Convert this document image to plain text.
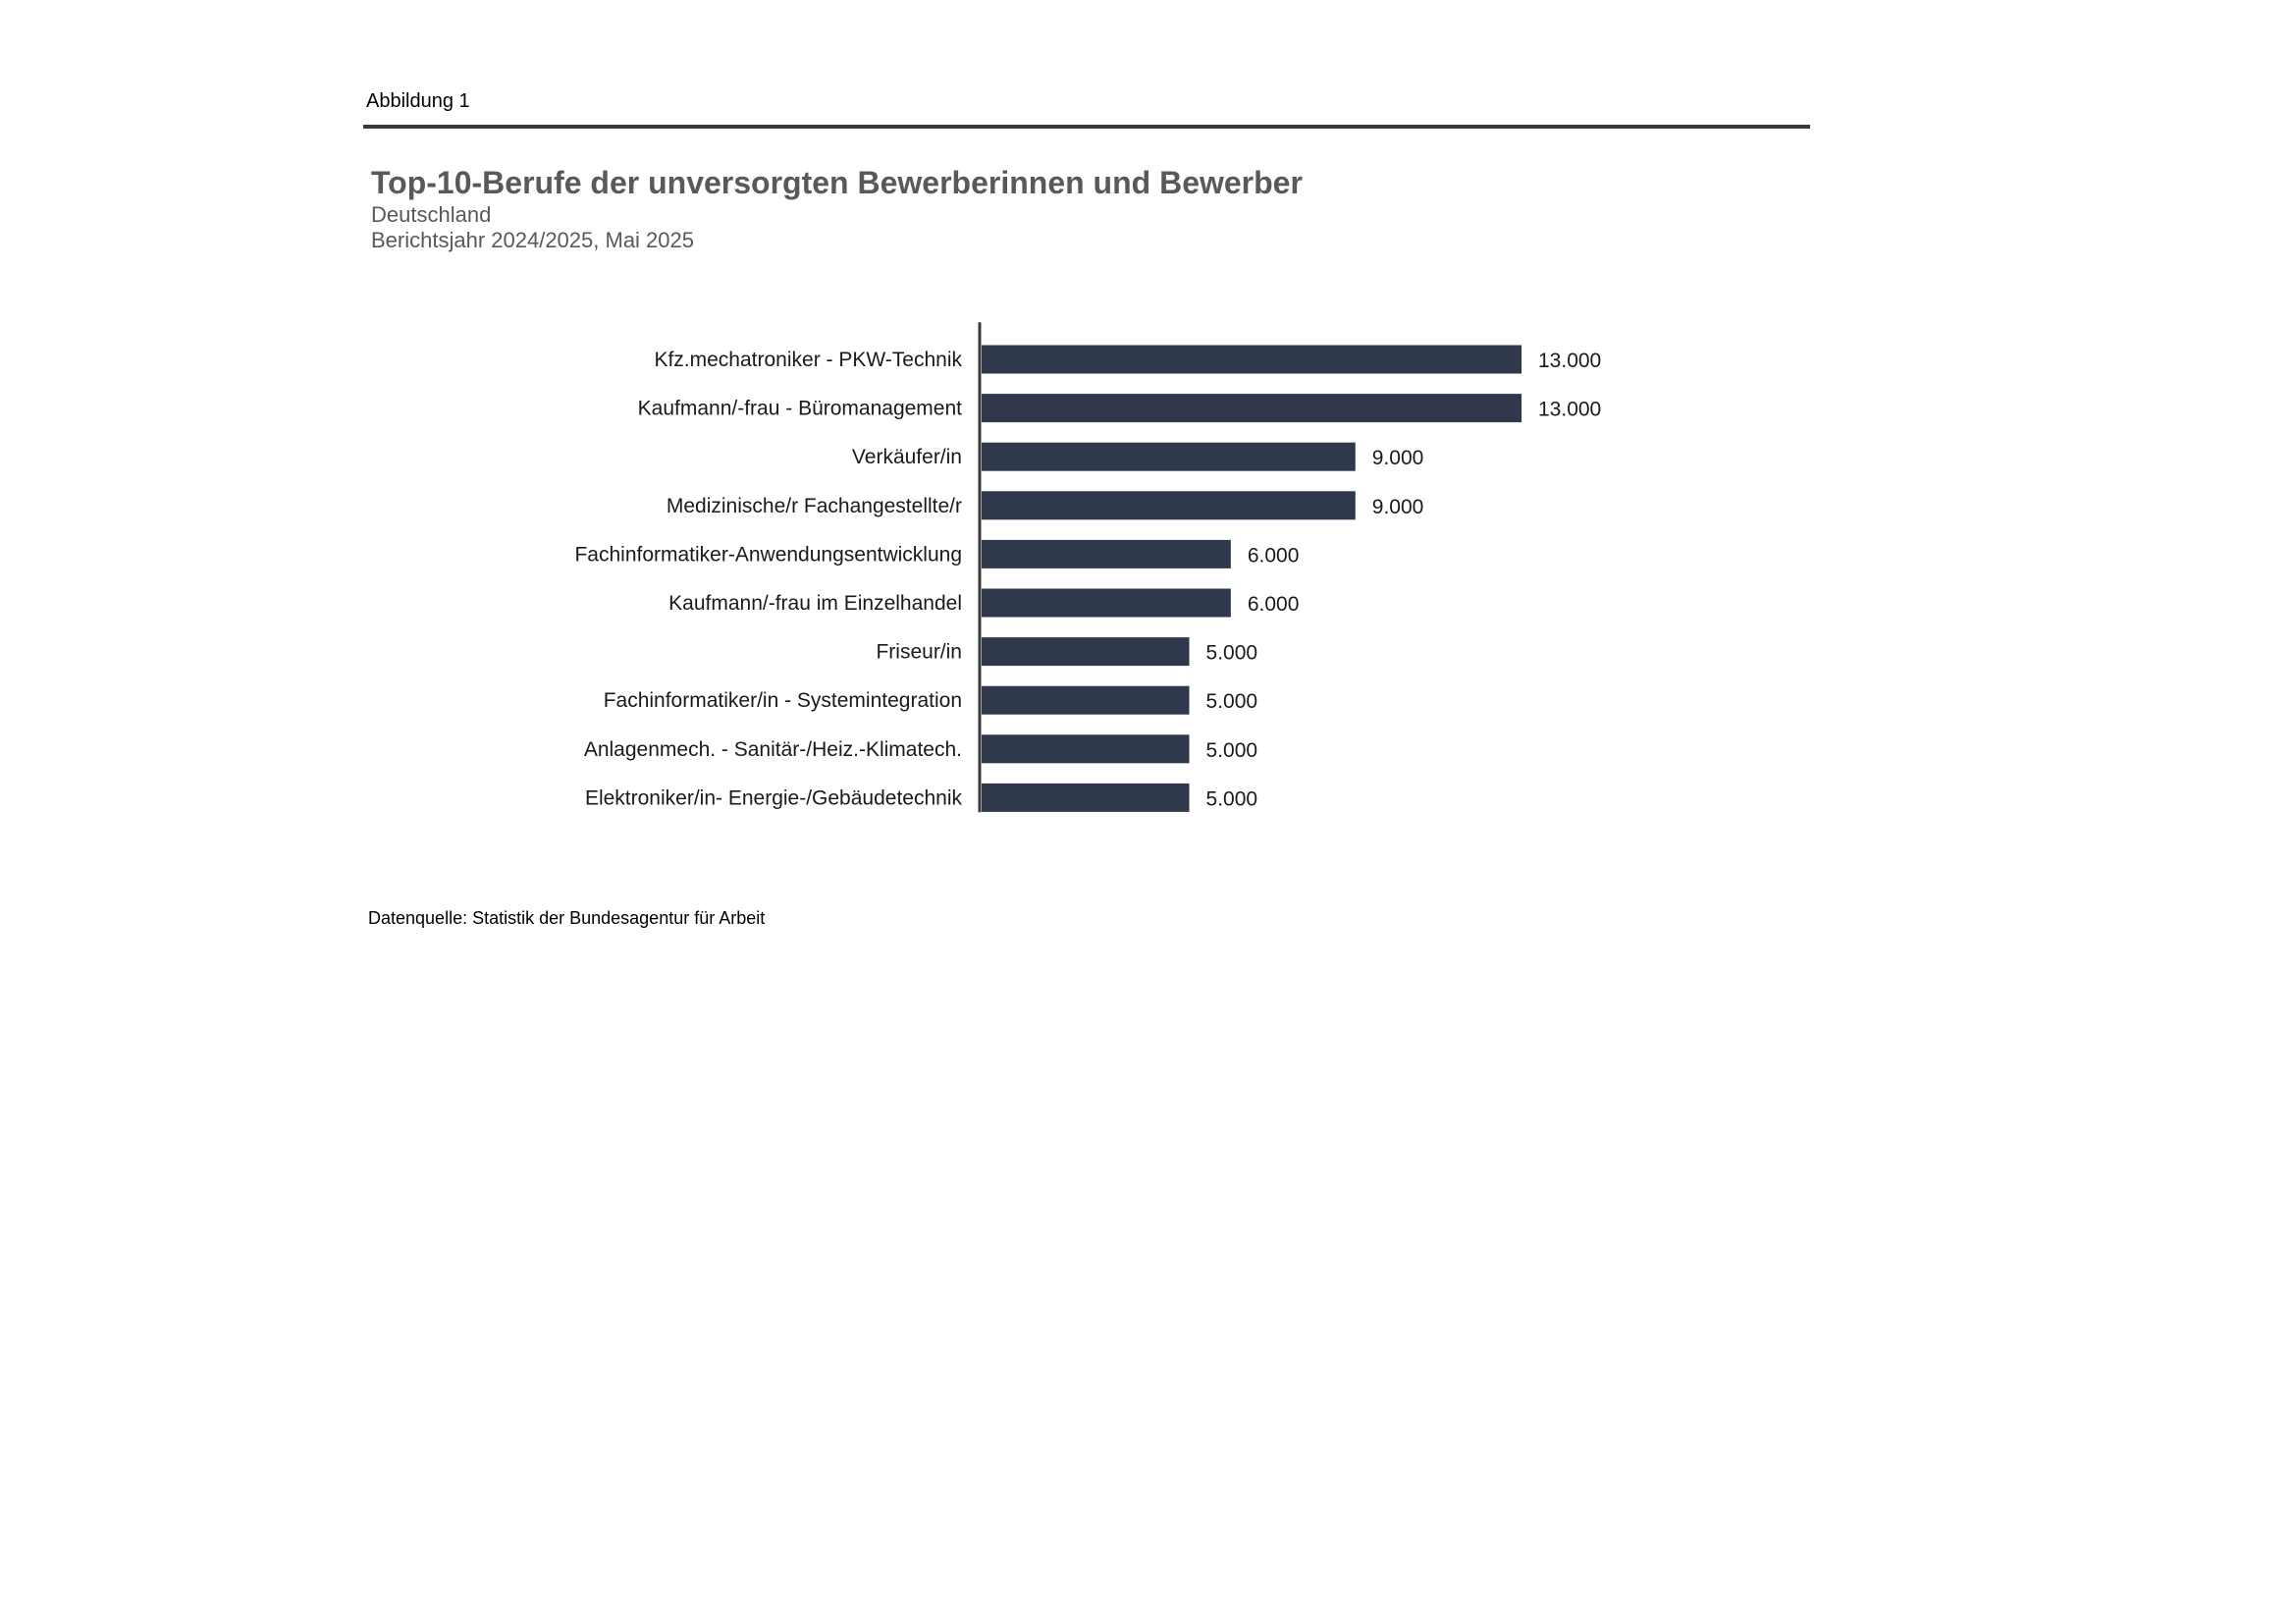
Abbildung 1
Top-10-Berufe der unversorgten Bewerberinnen und Bewerber
Deutschland
Berichtsjahr 2024/2025, Mai 2025
Kfz.mechatroniker - PKW-Technik	13.000
Kaufmann/-frau - Büromanagement	13.000
Verkäufer/in	9.000
Medizinische/r Fachangestellte/r	9.000
Fachinformatiker-Anwendungsentwicklung	6.000
Kaufmann/-frau im Einzelhandel	6.000
Friseur/in	5.000
Fachinformatiker/in - Systemintegration	5.000
Anlagenmech. - Sanitär-/Heiz.-Klimatech.	5.000
Elektroniker/in- Energie-/Gebäudetechnik	5.000
Datenquelle: Statistik der Bundesagentur für Arbeit
